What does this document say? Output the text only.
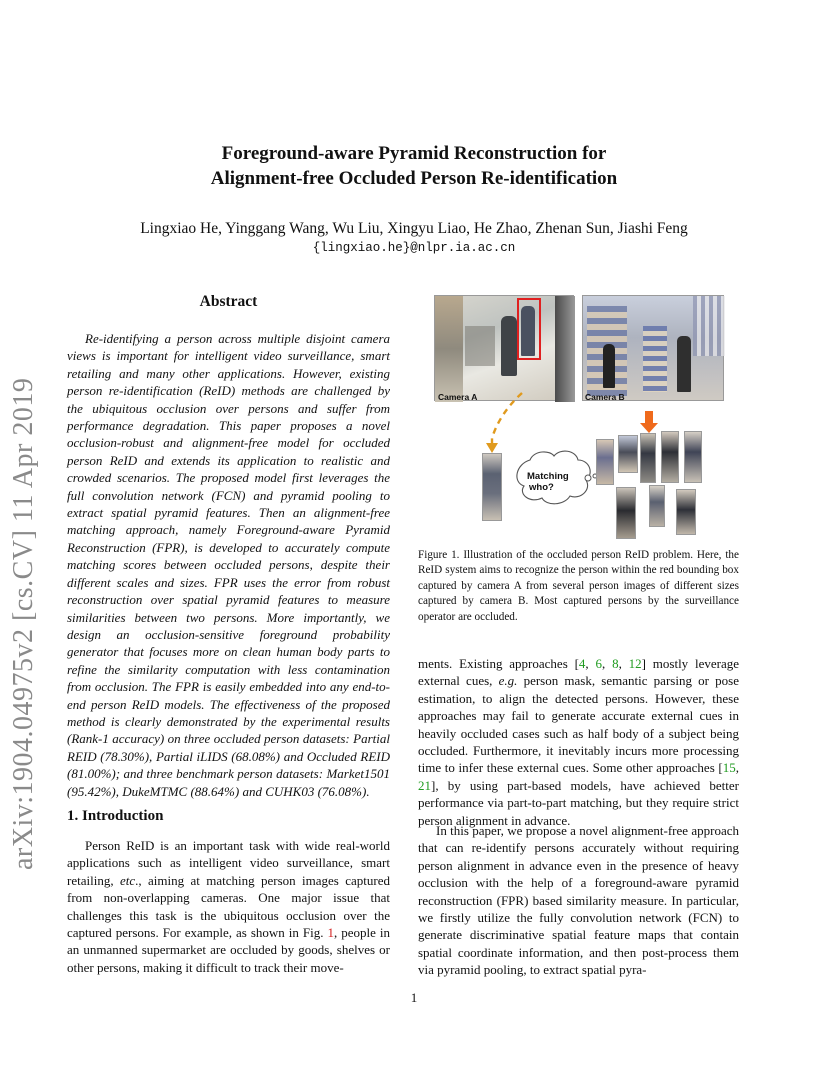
arXiv:1904.04975v2 [cs.CV] 11 Apr 2019
Foreground-aware Pyramid Reconstruction for
Alignment-free Occluded Person Re-identification
Lingxiao He, Yinggang Wang, Wu Liu, Xingyu Liao, He Zhao, Zhenan Sun, Jiashi Feng
{lingxiao.he}@nlpr.ia.ac.cn
Abstract
Re-identifying a person across multiple disjoint camera views is important for intelligent video surveillance, smart retailing and many other applications. However, existing person re-identification (ReID) methods are challenged by the ubiquitous occlusion over persons and suffer from performance degradation. This paper proposes a novel occlusion-robust and alignment-free model for occluded person ReID and extends its application to realistic and crowded scenarios. The proposed model first leverages the full convolution network (FCN) and pyramid pooling to extract spatial pyramid features. Then an alignment-free matching approach, namely Foreground-aware Pyramid Reconstruction (FPR), is developed to accurately compute matching scores between occluded persons, despite their different scales and sizes. FPR uses the error from robust reconstruction over spatial pyramid features to measure similarities between two persons. More importantly, we design an occlusion-sensitive foreground probability generator that focuses more on clean human body parts to refine the similarity computation with less contamination from occlusion. The FPR is easily embedded into any end-to-end person ReID models. The effectiveness of the proposed method is clearly demonstrated by the experimental results (Rank-1 accuracy) on three occluded person datasets: Partial REID (78.30%), Partial iLIDS (68.08%) and Occluded REID (81.00%); and three benchmark person datasets: Market1501 (95.42%), DukeMTMC (88.64%) and CUHK03 (76.08%).
1. Introduction
Person ReID is an important task with wide real-world applications such as intelligent video surveillance, smart retailing, etc., aiming at matching person images captured from non-overlapping cameras. One major issue that challenges this task is the ubiquitous occlusion over the captured persons. For example, as shown in Fig. 1, people in an unmanned supermarket are occluded by goods, shelves or other persons, making it difficult to track their move-
Camera A	Camera B
Matching
who?
Figure 1. Illustration of the occluded person ReID problem. Here, the ReID system aims to recognize the person within the red bounding box captured by camera A from several person images of different sizes captured by camera B. Most captured persons by the surveillance operator are occluded.
ments. Existing approaches [4, 6, 8, 12] mostly leverage external cues, e.g. person mask, semantic parsing or pose estimation, to align the detected persons. However, these approaches may fail to generate accurate external cues in heavily occluded cases such as half body of a subject being occluded. Furthermore, it inevitably incurs more processing time to infer these external cues. Some other approaches [15, 21], by using part-based models, have achieved better performance via part-to-part matching, but they require strict person alignment in advance.
In this paper, we propose a novel alignment-free approach that can re-identify persons accurately without requiring person alignment in advance even in the presence of heavy occlusion with the help of a foreground-aware pyramid reconstruction (FPR) based similarity measure. In particular, we firstly utilize the fully convolution network (FCN) to generate discriminative spatial feature maps that contain spatial coordinate information, and then post-process them via pyramid pooling, to extract spatial pyra-
1
